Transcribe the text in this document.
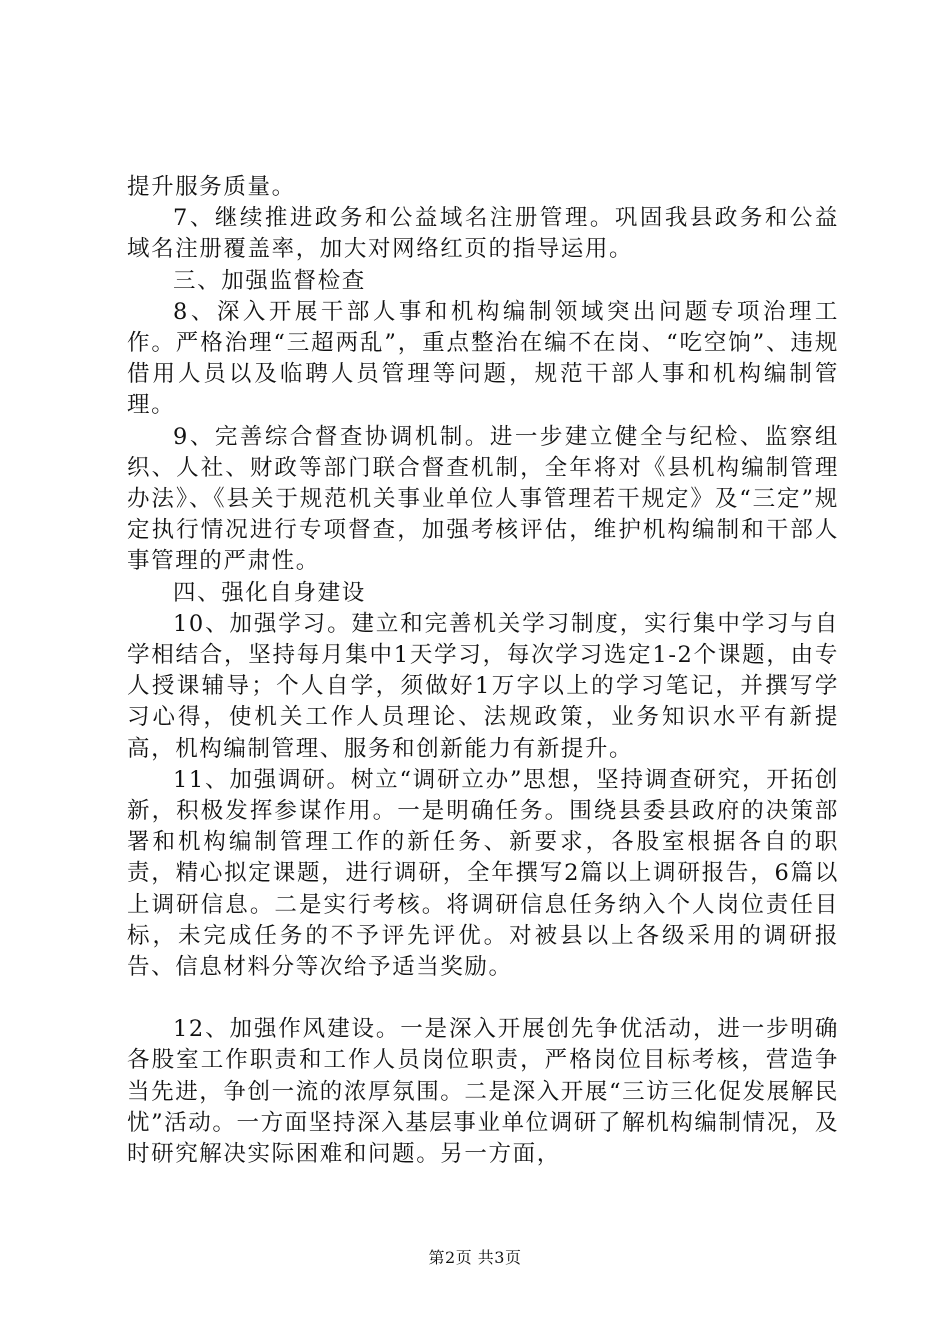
提升服务质量。

7、继续推进政务和公益域名注册管理。巩固我县政务和公益域名注册覆盖率，加大对网络红页的指导运用。

三、加强监督检查

8、深入开展干部人事和机构编制领域突出问题专项治理工作。严格治理“三超两乱”，重点整治在编不在岗、“吃空饷”、违规借用人员以及临聘人员管理等问题，规范干部人事和机构编制管理。

9、完善综合督查协调机制。进一步建立健全与纪检、监察组织、人社、财政等部门联合督查机制，全年将对《县机构编制管理办法》、《县关于规范机关事业单位人事管理若干规定》及“三定”规定执行情况进行专项督查，加强考核评估，维护机构编制和干部人事管理的严肃性。

四、强化自身建设

10、加强学习。建立和完善机关学习制度，实行集中学习与自学相结合，坚持每月集中1天学习，每次学习选定1-2个课题，由专人授课辅导；个人自学，须做好1万字以上的学习笔记，并撰写学习心得，使机关工作人员理论、法规政策，业务知识水平有新提高，机构编制管理、服务和创新能力有新提升。

11、加强调研。树立“调研立办”思想，坚持调查研究，开拓创新，积极发挥参谋作用。一是明确任务。围绕县委县政府的决策部署和机构编制管理工作的新任务、新要求，各股室根据各自的职责，精心拟定课题，进行调研，全年撰写2篇以上调研报告，6篇以上调研信息。二是实行考核。将调研信息任务纳入个人岗位责任目标，未完成任务的不予评先评优。对被县以上各级采用的调研报告、信息材料分等次给予适当奖励。

12、加强作风建设。一是深入开展创先争优活动，进一步明确各股室工作职责和工作人员岗位职责，严格岗位目标考核，营造争当先进，争创一流的浓厚氛围。二是深入开展“三访三化促发展解民忧”活动。一方面坚持深入基层事业单位调研了解机构编制情况，及时研究解决实际困难和问题。另一方面，

第2页 共3页
